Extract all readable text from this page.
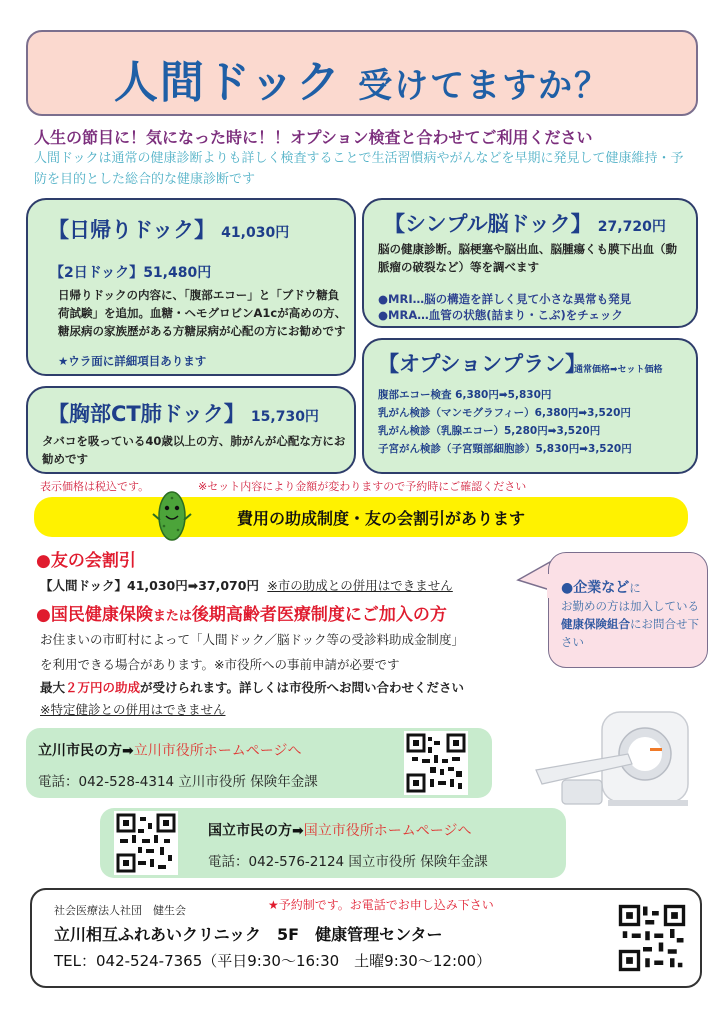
人間ドック 受けてますか？
人生の節目に！気になった時に！！オプション検査と合わせてご利用ください
人間ドックは通常の健康診断よりも詳しく検査することで生活習慣病やがんなどを早期に発見して健康維持・予防を目的とした総合的な健康診断です
【日帰りドック】 41,030円
【2日ドック】51,480円
日帰りドックの内容に、「腹部エコー」と「ブドウ糖負荷試験」を追加。血糖・ヘモグロビンA1cが高めの方、糖尿病の家族歴がある方糖尿病が心配の方にお勧めです
★ウラ面に詳細項目あります
【胸部CT肺ドック】 15,730円
タバコを吸っている40歳以上の方、肺がんが心配な方にお勧めです
【シンプル脳ドック】 27,720円
脳の健康診断。脳梗塞や脳出血、脳腫瘍くも膜下出血（動脈瘤の破裂など）等を調べます
●MRI…脳の構造を詳しく見て小さな異常も発見
●MRA…血管の状態(詰まり・こぶ)をチェック
【オプションプラン】
通常価格➡セット価格
腹部エコー検査 6,380円➡5,830円
乳がん検診（マンモグラフィー）6,380円➡3,520円
乳がん検診（乳腺エコー）5,280円➡3,520円
子宮がん検診（子宮頸部細胞診）5,830円➡3,520円
表示価格は税込です。	※セット内容により金額が変わりますので予約時にご確認ください
費用の助成制度・友の会割引があります
●友の会割引
【人間ドック】41,030円➡37,070円 ※市の助成との併用はできません
●国民健康保険または後期高齢者医療制度にご加入の方
お住まいの市町村によって「人間ドック／脳ドック等の受診料助成金制度」
を利用できる場合があります。※市役所への事前申請が必要です
最大２万円の助成が受けられます。詳しくは市役所へお問い合わせください
※特定健診との併用はできません
●企業などに
お勤めの方は加入している健康保険組合にお問合せ下さい
立川市民の方➡立川市役所ホームページへ
電話：042-528-4314 立川市役所 保険年金課
国立市民の方➡国立市役所ホームページへ
電話：042-576-2124 国立市役所 保険年金課
社会医療法人社団　健生会	★予約制です。お電話でお申し込み下さい
立川相互ふれあいクリニック　5F　健康管理センター
TEL：042-524-7365（平日9:30～16:30　土曜9:30～12:00）
